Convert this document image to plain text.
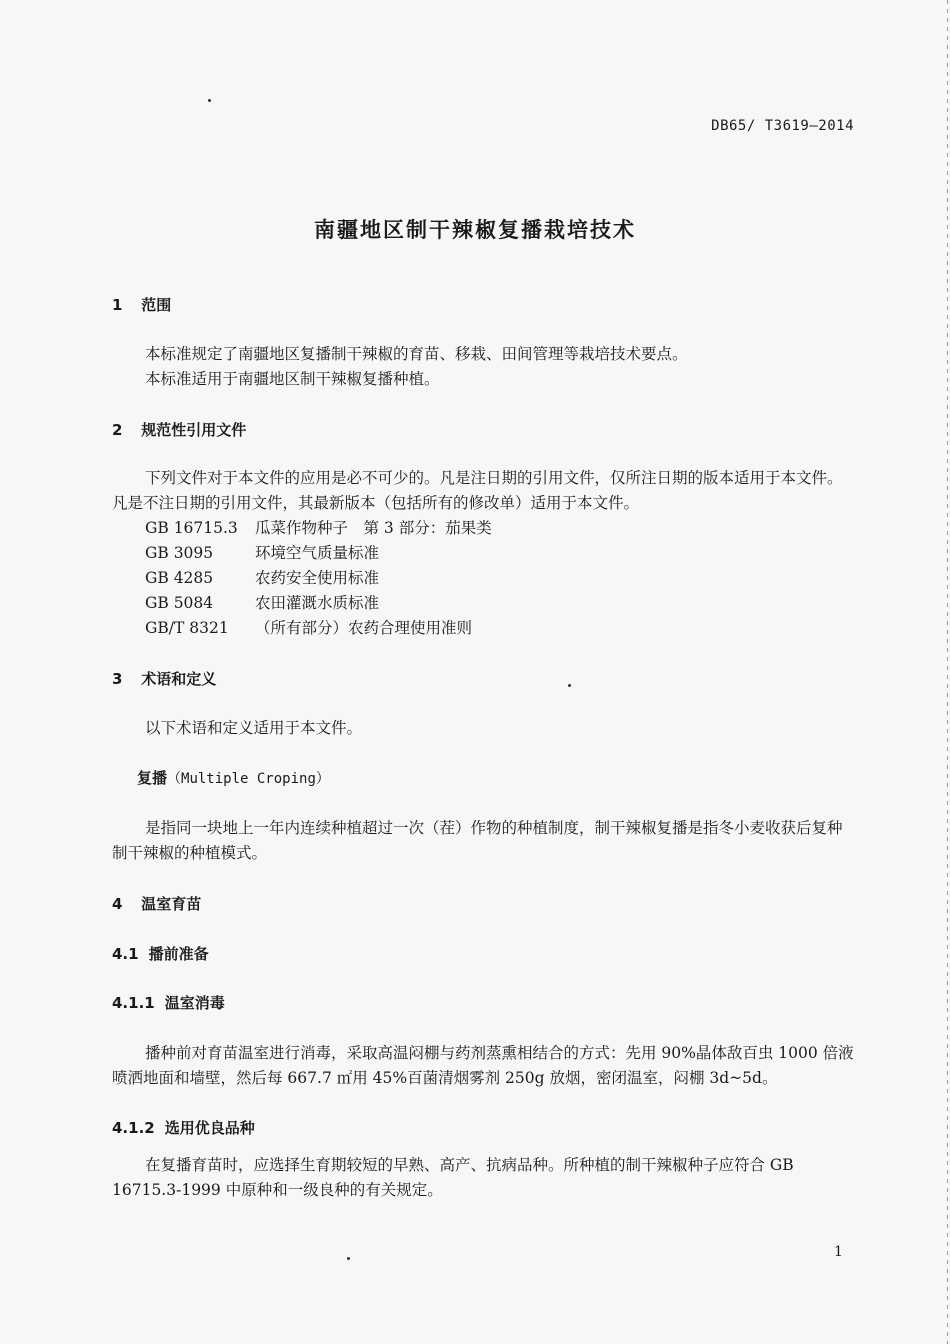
DB65/ T3619—2014
南疆地区制干辣椒复播栽培技术
1 范围

本标准规定了南疆地区复播制干辣椒的育苗、移栽、田间管理等栽培技术要点。

本标准适用于南疆地区制干辣椒复播种植。

2 规范性引用文件

下列文件对于本文件的应用是必不可少的。凡是注日期的引用文件，仅所注日期的版本适用于本文件。凡是不注日期的引用文件，其最新版本（包括所有的修改单）适用于本文件。

GB 16715.3	瓜菜作物种子　第 3 部分：茄果类
GB 3095	环境空气质量标准
GB 4285	农药安全使用标准
GB 5084	农田灌溉水质标准
GB/T 8321	（所有部分）农药合理使用准则
3 术语和定义

以下术语和定义适用于本文件。

复播（Multiple Croping）

是指同一块地上一年内连续种植超过一次（茬）作物的种植制度，制干辣椒复播是指冬小麦收获后复种制干辣椒的种植模式。

4 温室育苗
4.1 播前准备
4.1.1 温室消毒

播种前对育苗温室进行消毒，采取高温闷棚与药剂蒸熏相结合的方式：先用 90%晶体敌百虫 1000 倍液喷洒地面和墙壁，然后每 667.7 ㎡用 45%百菌清烟雾剂 250g 放烟，密闭温室，闷棚 3d~5d。

4.1.2 选用优良品种

在复播育苗时，应选择生育期较短的早熟、高产、抗病品种。所种植的制干辣椒种子应符合 GB 16715.3-1999 中原种和一级良种的有关规定。

1
